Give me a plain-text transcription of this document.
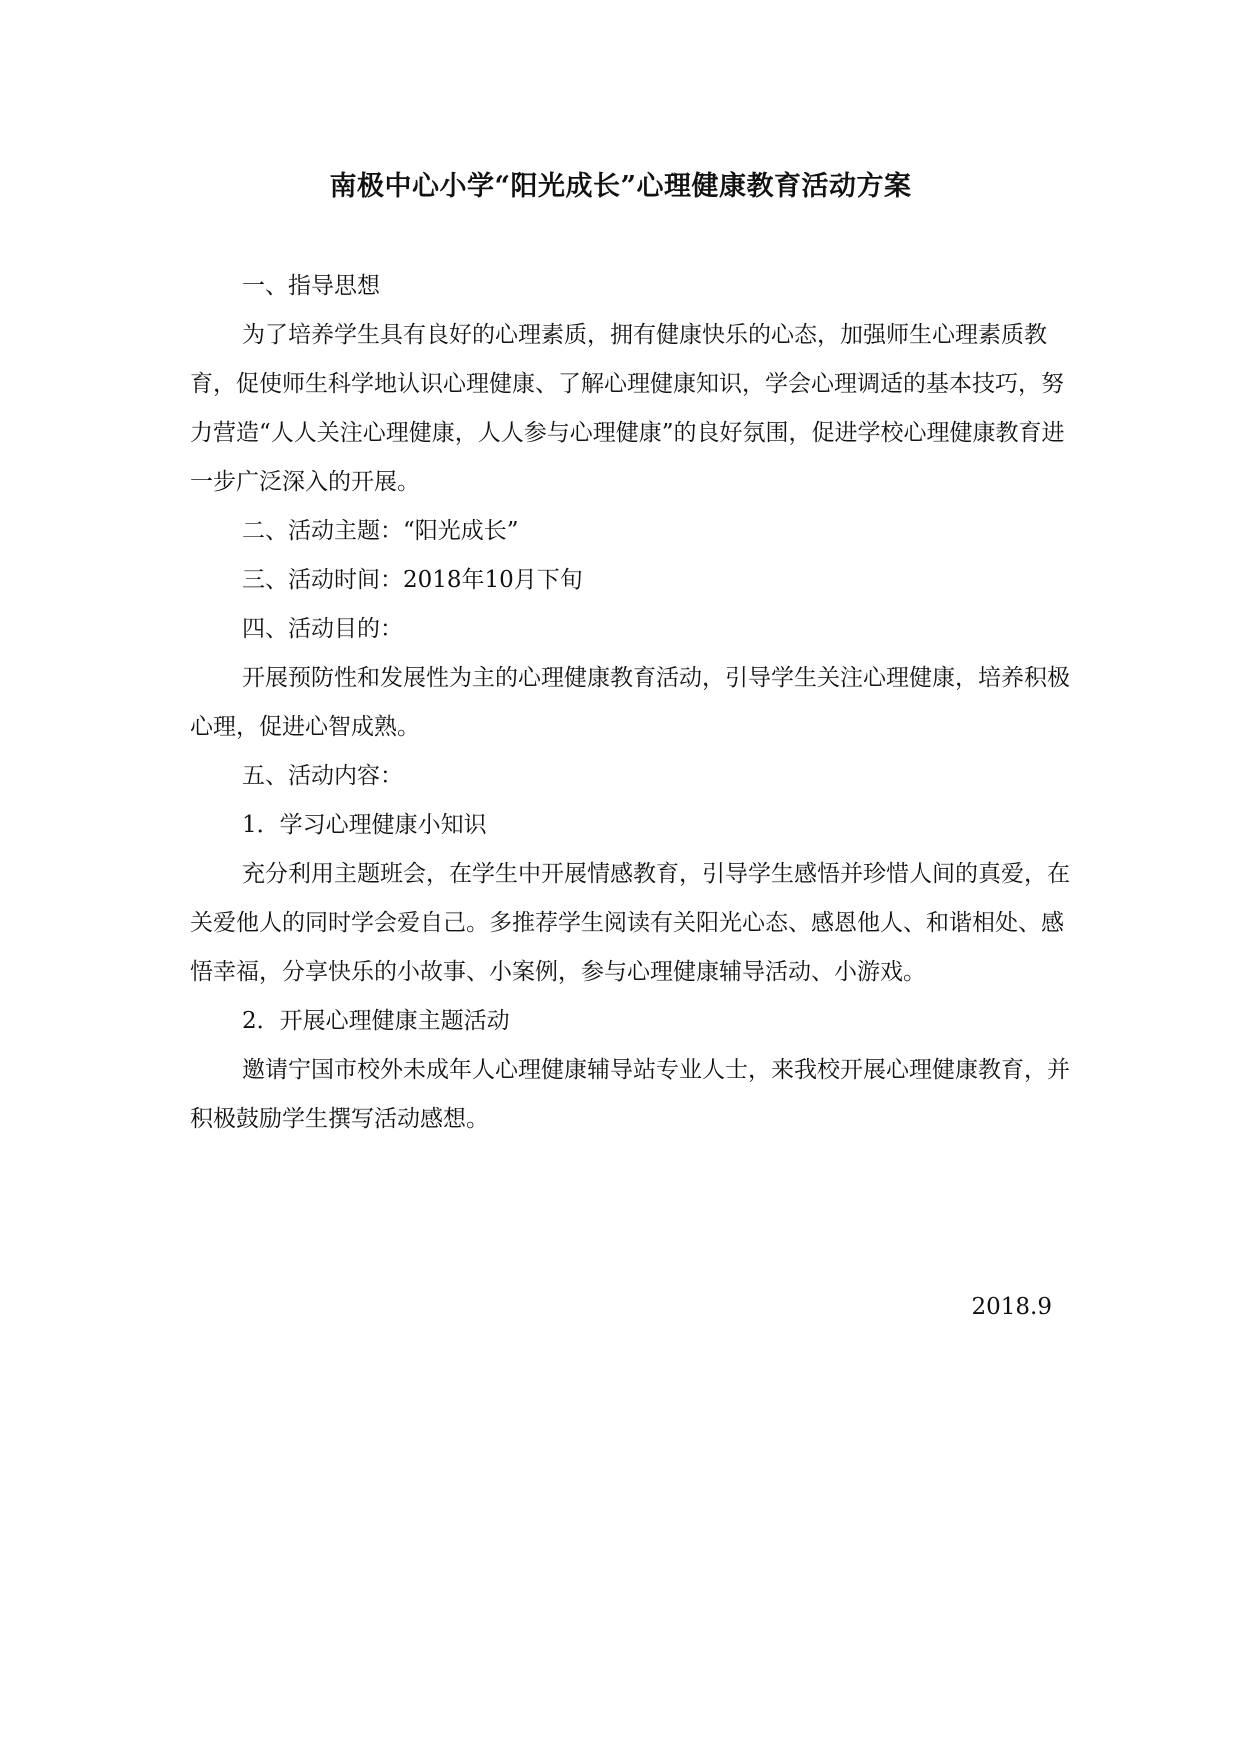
南极中心小学“阳光成长”心理健康教育活动方案

一、指导思想

为了培养学生具有良好的心理素质，拥有健康快乐的心态，加强师生心理素质教育，促使师生科学地认识心理健康、了解心理健康知识，学会心理调适的基本技巧，努力营造“人人关注心理健康，人人参与心理健康”的良好氛围，促进学校心理健康教育进一步广泛深入的开展。

二、活动主题：“阳光成长”

三、活动时间：2018年10月下旬

四、活动目的：

开展预防性和发展性为主的心理健康教育活动，引导学生关注心理健康，培养积极心理，促进心智成熟。

五、活动内容：

1．学习心理健康小知识

充分利用主题班会，在学生中开展情感教育，引导学生感悟并珍惜人间的真爱，在关爱他人的同时学会爱自己。多推荐学生阅读有关阳光心态、感恩他人、和谐相处、感悟幸福，分享快乐的小故事、小案例，参与心理健康辅导活动、小游戏。

2．开展心理健康主题活动

邀请宁国市校外未成年人心理健康辅导站专业人士，来我校开展心理健康教育，并积极鼓励学生撰写活动感想。

2018.9
